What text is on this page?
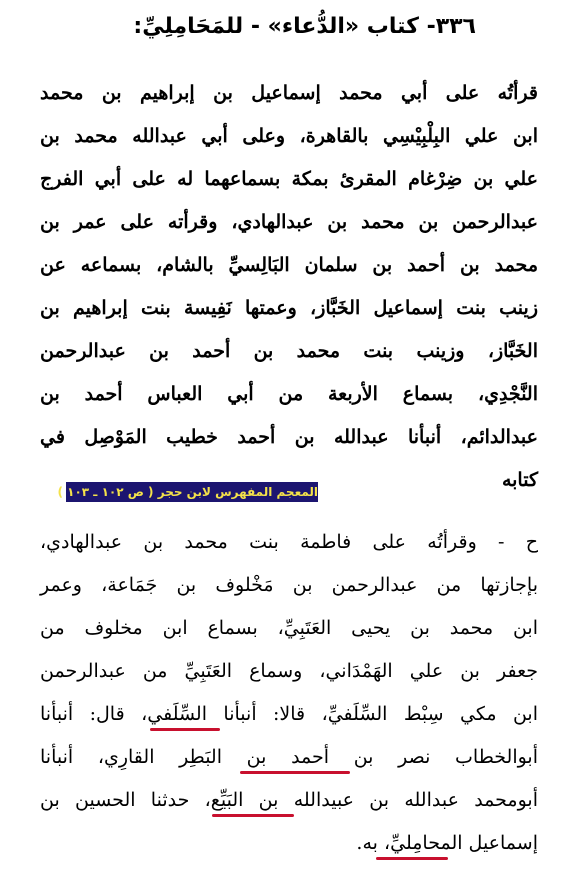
٣٣٦- كتاب «الدُّعاء» - للمَحَامِلِيِّ:
قرأتُه على أبي محمد إسماعيل بن إبراهيم بن محمد
ابن علي البِلْبِيْسِي بالقاهرة، وعلى أبي عبدالله محمد بن
علي بن ضِرْغام المقرئ بمكة بسماعهما له على أبي الفرج
عبدالرحمن بن محمد بن عبدالهادي، وقرأته على عمر بن
محمد بن أحمد بن سلمان البَالِسيِّ بالشام، بسماعه عن
زينب بنت إسماعيل الخَبَّاز، وعمتها نَفِيسة بنت إبراهيم بن
الخَبَّاز، وزينب بنت محمد بن أحمد بن عبدالرحمن
النَّجْدِي، بسماع الأربعة من أبي العباس أحمد بن
عبدالدائم، أنبأنا عبدالله بن أحمد خطيب المَوْصِل في
كتابه
المعجم المفهرس لابن حجر ( ص ١٠٢ ـ ١٠٣ )
ح - وقرأتُه على فاطمة بنت محمد بن عبدالهادي،
بإجازتها من عبدالرحمن بن مَخْلوف بن جَمَاعة، وعمر
ابن محمد بن يحيى العَتَبِيِّ، بسماع ابن مخلوف من
جعفر بن علي الهَمْدَاني، وسماع العَتَبِيِّ من عبدالرحمن
ابن مكي سِبْط السِّلَفيِّ، قالا: أنبأنا السِّلَفي، قال: أنبأنا
أبوالخطاب نصر بن أحمد بن البَطِر القارِي، أنبأنا
أبومحمد عبدالله بن عبيدالله بن البَيِّع، حدثنا الحسين بن
إسماعيل المحامِليِّ، به.
